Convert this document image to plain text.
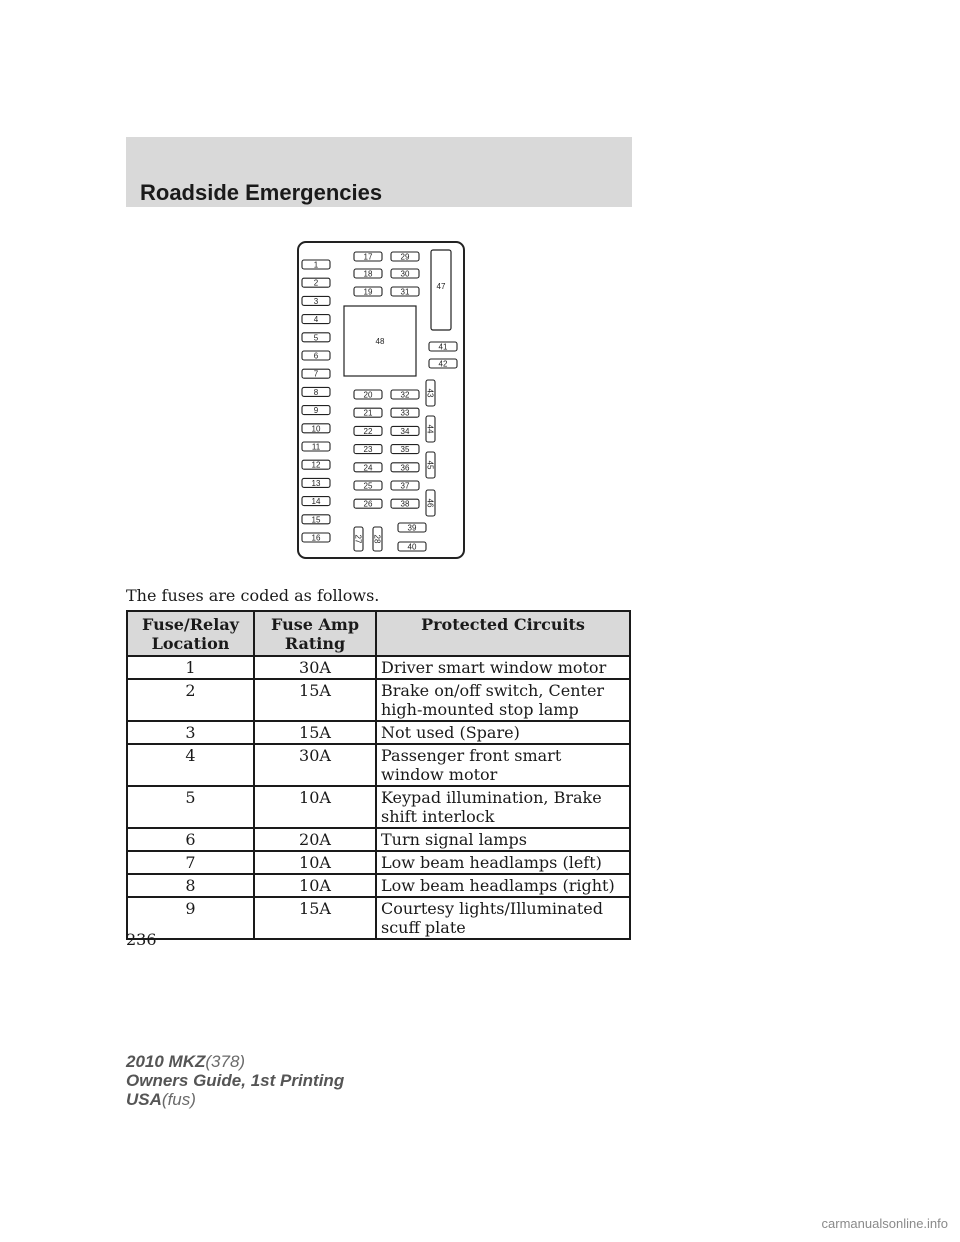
Roadside Emergencies
48
47
1
2
3
4
5
6
7
8
9
10
11
12
13
14
15
16
17
18
19
29
30
31
20
21
22
23
24
25
26
32
33
34
35
36
37
38
27 28
39
40
41
42
43
44
45
46
The fuses are coded as follows.
Fuse/Relay Location	Fuse Amp Rating	Protected Circuits
1	30A	Driver smart window motor
2	15A	Brake on/off switch, Center high-mounted stop lamp
3	15A	Not used (Spare)
4	30A	Passenger front smart window motor
5	10A	Keypad illumination, Brake shift interlock
6	20A	Turn signal lamps
7	10A	Low beam headlamps (left)
8	10A	Low beam headlamps (right)
9	15A	Courtesy lights/Illuminated scuff plate
236
2010 MKZ(378)
Owners Guide, 1st Printing
USA(fus)
carmanualsonline.info
